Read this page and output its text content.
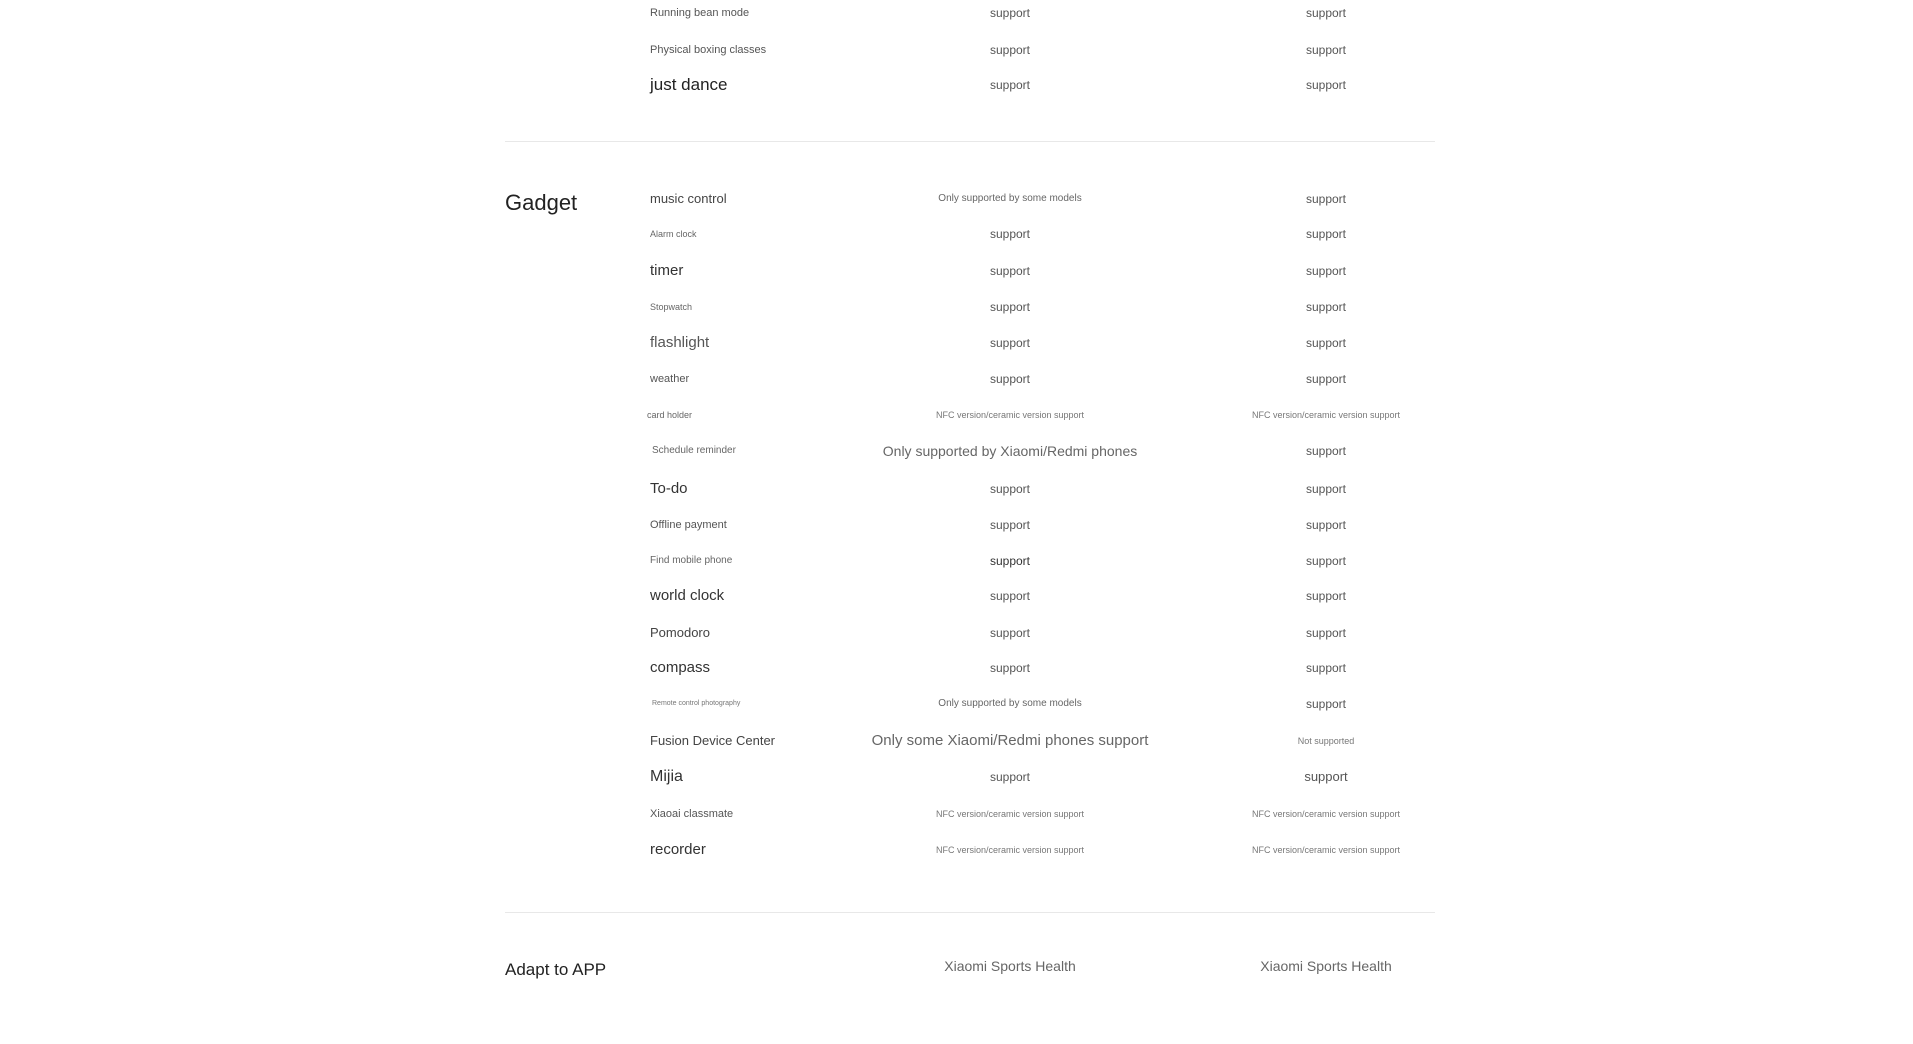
Running bean mode	support	support
Physical boxing classes	support	support
just dance	support	support
Gadget	music control	Only supported by some models	support
Alarm clock	support	support
timer	support	support
Stopwatch	support	support
flashlight	support	support
weather	support	support
card holder	NFC version/ceramic version support	NFC version/ceramic version support
Schedule reminder	Only supported by Xiaomi/Redmi phones	support
To-do	support	support
Offline payment	support	support
Find mobile phone	support	support
world clock	support	support
Pomodoro	support	support
compass	support	support
Remote control photography	Only supported by some models	support
Fusion Device Center	Only some Xiaomi/Redmi phones support	Not supported
Mijia	support	support
Xiaoai classmate	NFC version/ceramic version support	NFC version/ceramic version support
recorder	NFC version/ceramic version support	NFC version/ceramic version support
Adapt to APP	Xiaomi Sports Health	Xiaomi Sports Health
